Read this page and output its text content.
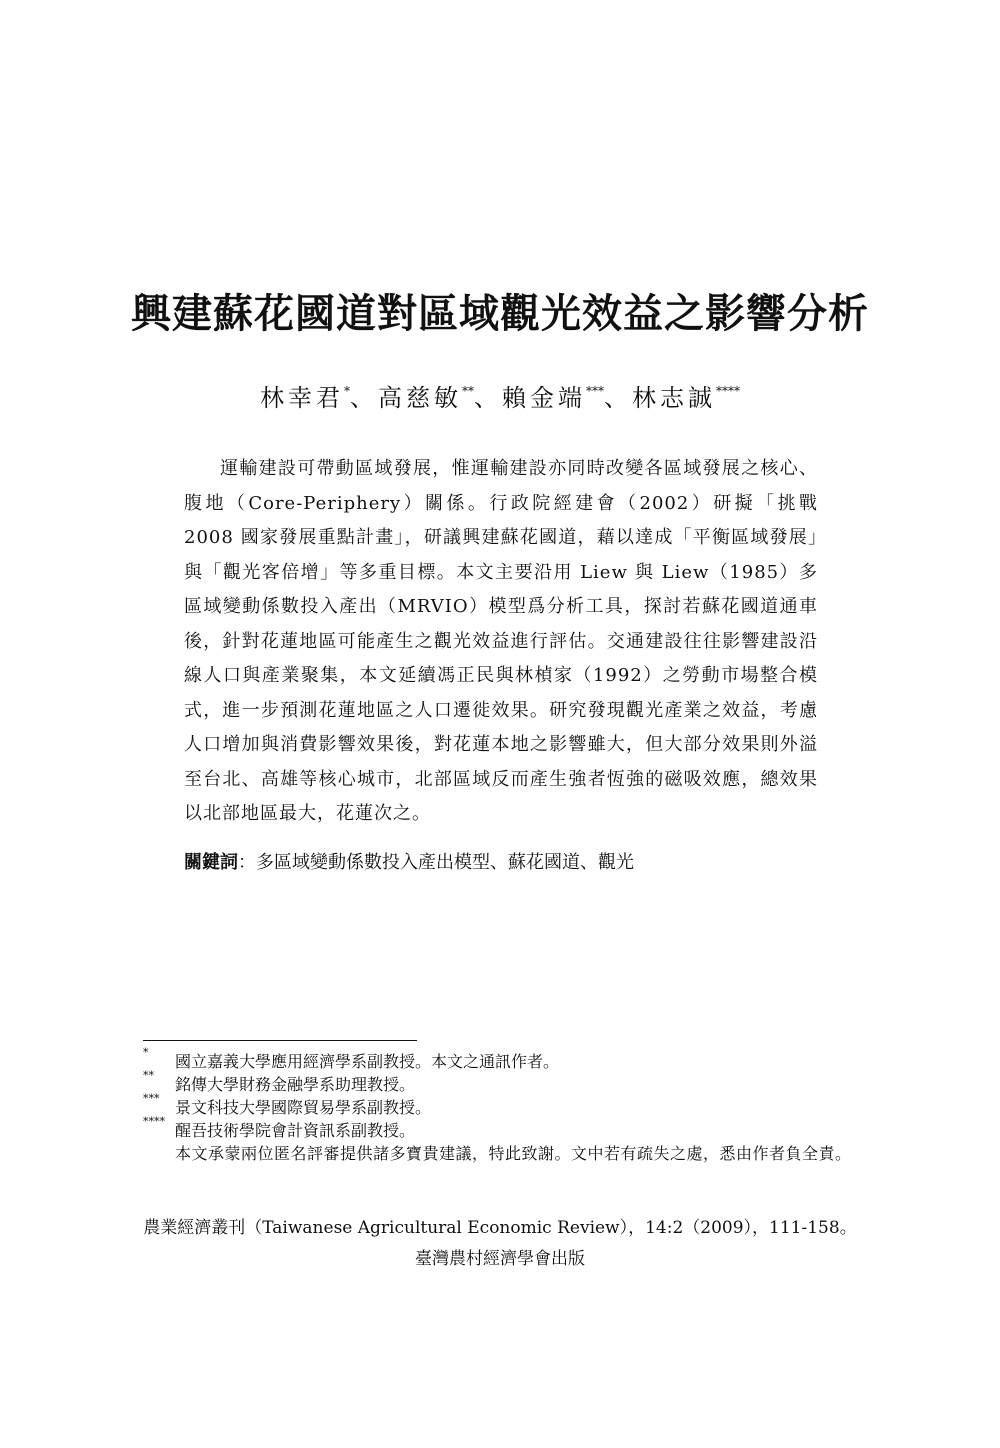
興建蘇花國道對區域觀光效益之影響分析
林幸君*、高慈敏**、賴金端***、林志誠****

運輸建設可帶動區域發展，惟運輸建設亦同時改變各區域發展之核心、腹地（Core-Periphery）關係。行政院經建會（2002）研擬「挑戰 2008 國家發展重點計畫」，研議興建蘇花國道，藉以達成「平衡區域發展」與「觀光客倍增」等多重目標。本文主要沿用 Liew 與 Liew（1985）多區域變動係數投入產出（MRVIO）模型爲分析工具，探討若蘇花國道通車後，針對花蓮地區可能產生之觀光效益進行評估。交通建設往往影響建設沿線人口與產業聚集，本文延續馮正民與林楨家（1992）之勞動市場整合模式，進一步預測花蓮地區之人口遷徙效果。研究發現觀光產業之效益，考慮人口增加與消費影響效果後，對花蓮本地之影響雖大，但大部分效果則外溢至台北、高雄等核心城市，北部區域反而產生強者恆強的磁吸效應，總效果以北部地區最大，花蓮次之。

關鍵詞：多區域變動係數投入產出模型、蘇花國道、觀光
* 國立嘉義大學應用經濟學系副教授。本文之通訊作者。
** 銘傳大學財務金融學系助理教授。
*** 景文科技大學國際貿易學系副教授。
**** 醒吾技術學院會計資訊系副教授。
本文承蒙兩位匿名評審提供諸多寶貴建議，特此致謝。文中若有疏失之處，悉由作者負全責。
農業經濟叢刊（Taiwanese Agricultural Economic Review），14:2（2009），111-158。
臺灣農村經濟學會出版
